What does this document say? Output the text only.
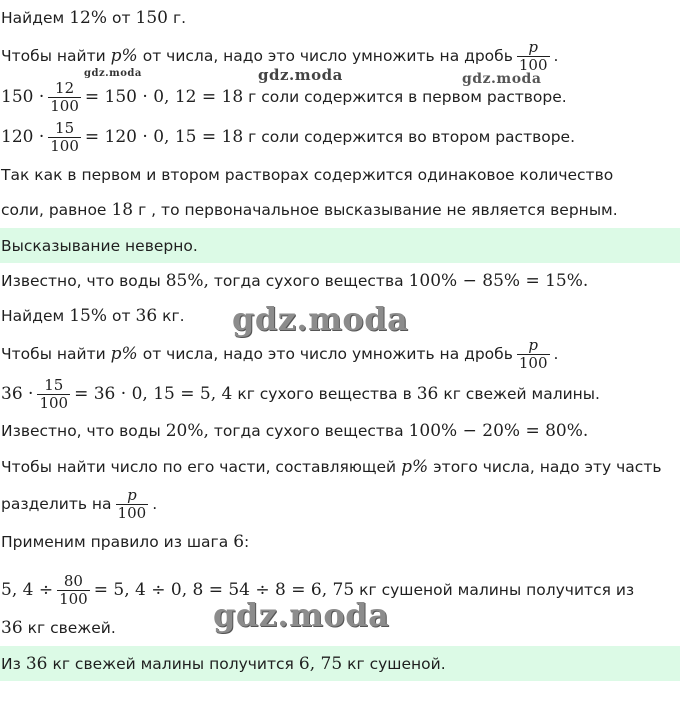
Найдем 12% от 150 г.
Чтобы найти p% от числа, надо это число умножить на дробь $\frac{p}{100}$ .
$150 \cdot \frac{12}{100} = 150 \cdot 0$, 12 = 18 г соли содержится в первом растворе.
$120 \cdot \frac{15}{100} = 120 \cdot 0$, 15 = 18 г соли содержится во втором растворе.
Так как в первом и втором растворах содержится одинаковое количество
соли, равное 18 г , то первоначальное высказывание не является верным.
Высказывание неверно.
Известно, что воды 85%, тогда сухого вещества 100% − 85% = 15%.
Найдем 15% от 36 кг.
Чтобы найти p% от числа, надо это число умножить на дробь $\frac{p}{100}$ .
$36 \cdot \frac{15}{100} = 36 \cdot 0$, 15 = 5, 4 кг сухого вещества в 36 кг свежей малины.
Известно, что воды 20%, тогда сухого вещества 100% − 20% = 80%.
Чтобы найти число по его части, составляющей p% этого числа, надо эту часть
разделить на $\frac{p}{100}$ .
Применим правило из шага 6 :
5, $4 \div \frac{80}{100} = 5$, 4 ÷ 0, 8 = 54 ÷ 8 = 6, 75 кг сушеной малины получится из
36 кг свежей.
Из 36 кг свежей малины получится 6, 75 кг сушеной.
gdz.moda	gdz.moda	gdz.moda
gdz.moda
gdz.moda
